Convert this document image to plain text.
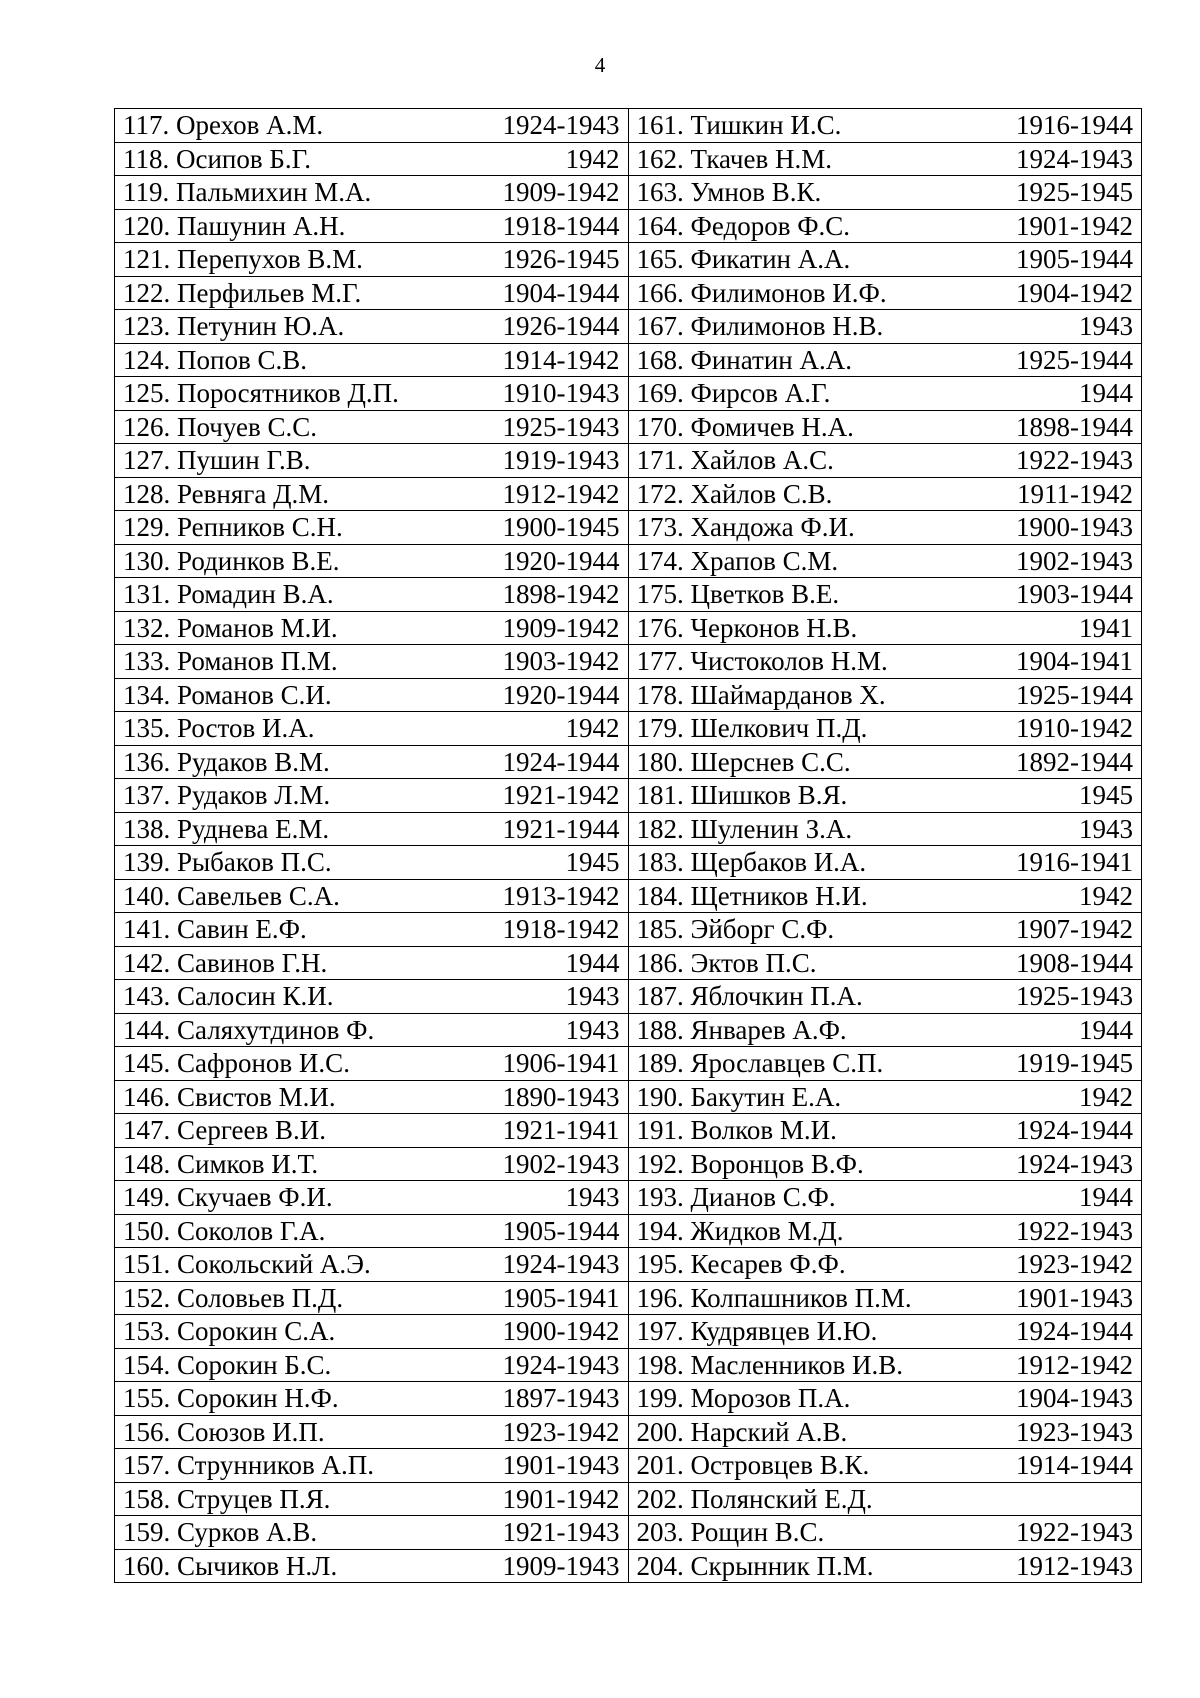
4
117. Орехов А.М. 1924-1943	161. Тишкин И.С. 1916-1944

118. Осипов Б.Г. 1942	162. Ткачев Н.М. 1924-1943

119. Пальмихин М.А. 1909-1942	163. Умнов В.К. 1925-1945

120. Пашунин А.Н. 1918-1944	164. Федоров Ф.С. 1901-1942

121. Перепухов В.М. 1926-1945	165. Фикатин А.А. 1905-1944

122. Перфильев М.Г. 1904-1944	166. Филимонов И.Ф. 1904-1942

123. Петунин Ю.А. 1926-1944	167. Филимонов Н.В. 1943

124. Попов С.В. 1914-1942	168. Финатин А.А. 1925-1944

125. Поросятников Д.П. 1910-1943	169. Фирсов А.Г. 1944

126. Почуев С.С. 1925-1943	170. Фомичев Н.А. 1898-1944

127. Пушин Г.В. 1919-1943	171. Хайлов А.С. 1922-1943

128. Ревняга Д.М. 1912-1942	172. Хайлов С.В. 1911-1942

129. Репников С.Н. 1900-1945	173. Хандожа Ф.И. 1900-1943

130. Родинков В.Е. 1920-1944	174. Храпов С.М. 1902-1943

131. Ромадин В.А. 1898-1942	175. Цветков В.Е. 1903-1944

132. Романов М.И. 1909-1942	176. Черконов Н.В. 1941

133. Романов П.М. 1903-1942	177. Чистоколов Н.М. 1904-1941

134. Романов С.И. 1920-1944	178. Шаймарданов Х. 1925-1944

135. Ростов И.А. 1942	179. Шелкович П.Д. 1910-1942

136. Рудаков В.М. 1924-1944	180. Шерснев С.С. 1892-1944

137. Рудаков Л.М. 1921-1942	181. Шишков В.Я. 1945

138. Руднева Е.М. 1921-1944	182. Шуленин З.А. 1943

139. Рыбаков П.С. 1945	183. Щербаков И.А. 1916-1941

140. Савельев С.А. 1913-1942	184. Щетников Н.И. 1942

141. Савин Е.Ф. 1918-1942	185. Эйборг С.Ф. 1907-1942

142. Савинов Г.Н. 1944	186. Эктов П.С. 1908-1944

143. Салосин К.И. 1943	187. Яблочкин П.А. 1925-1943

144. Саляхутдинов Ф. 1943	188. Январев А.Ф. 1944

145. Сафронов И.С. 1906-1941	189. Ярославцев С.П. 1919-1945

146. Свистов М.И. 1890-1943	190. Бакутин Е.А. 1942

147. Сергеев В.И. 1921-1941	191. Волков М.И. 1924-1944

148. Симков И.Т. 1902-1943	192. Воронцов В.Ф. 1924-1943

149. Скучаев Ф.И. 1943	193. Дианов С.Ф. 1944

150. Соколов Г.А. 1905-1944	194. Жидков М.Д. 1922-1943

151. Сокольский А.Э. 1924-1943	195. Кесарев Ф.Ф. 1923-1942

152. Соловьев П.Д. 1905-1941	196. Колпашников П.М. 1901-1943

153. Сорокин С.А. 1900-1942	197. Кудрявцев И.Ю. 1924-1944

154. Сорокин Б.С. 1924-1943	198. Масленников И.В. 1912-1942

155. Сорокин Н.Ф. 1897-1943	199. Морозов П.А. 1904-1943

156. Союзов И.П. 1923-1942	200. Нарский А.В. 1923-1943

157. Струнников А.П. 1901-1943	201. Островцев В.К. 1914-1944

158. Струцев П.Я. 1901-1942	202. Полянский Е.Д.

159. Сурков А.В. 1921-1943	203. Рощин В.С. 1922-1943

160. Сычиков Н.Л. 1909-1943	204. Скрынник П.М. 1912-1943
